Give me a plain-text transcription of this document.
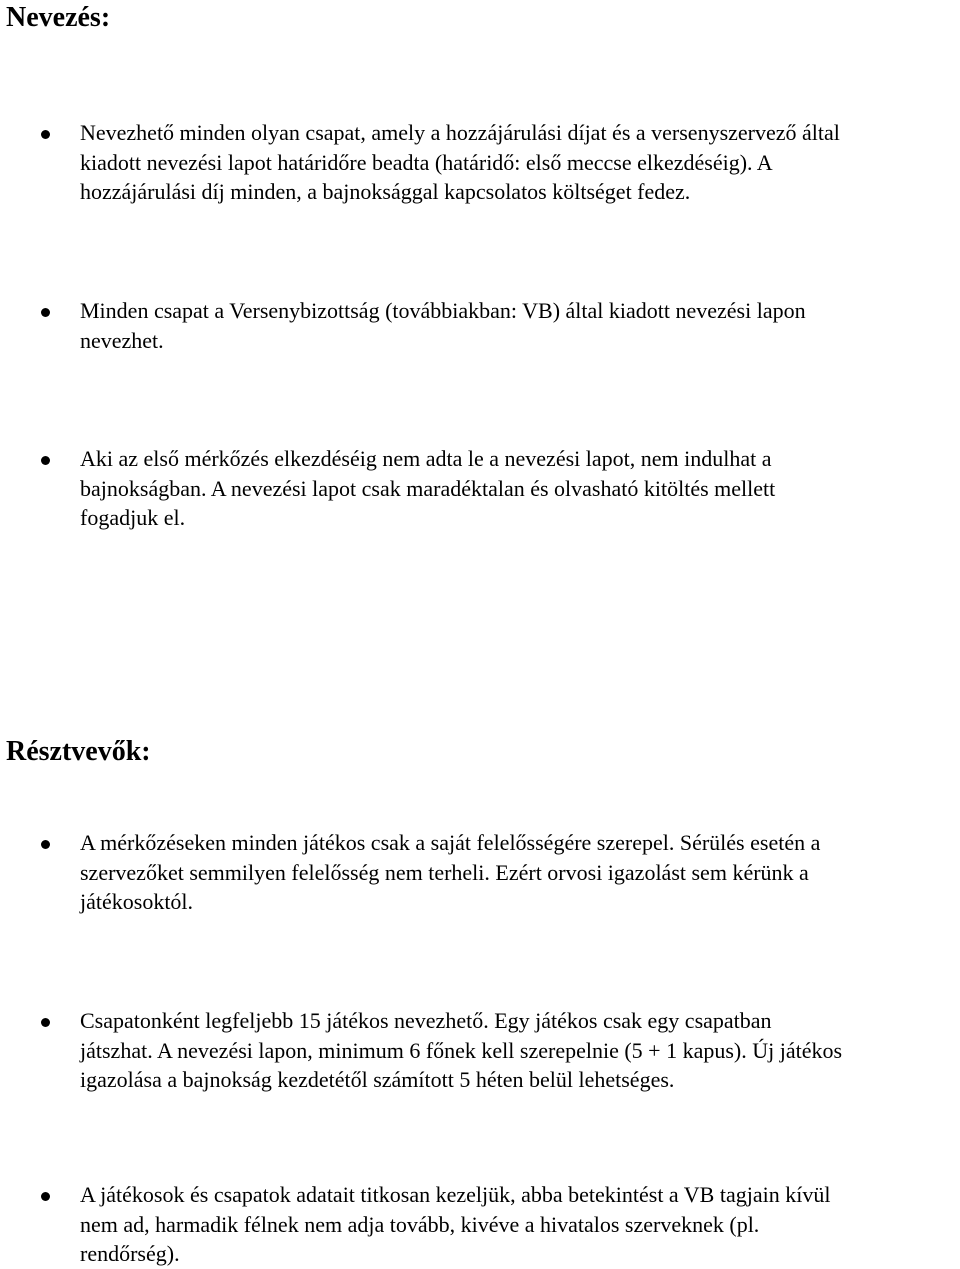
Nevezés:

Nevezhető minden olyan csapat, amely a hozzájárulási díjat és a versenyszervező által
kiadott nevezési lapot határidőre beadta (határidő: első meccse elkezdéséig). A
hozzájárulási díj minden, a bajnoksággal kapcsolatos költséget fedez.

Minden csapat a Versenybizottság (továbbiakban: VB) által kiadott nevezési lapon
nevezhet.

Aki az első mérkőzés elkezdéséig nem adta le a nevezési lapot, nem indulhat a
bajnokságban. A nevezési lapot csak maradéktalan és olvasható kitöltés mellett
fogadjuk el.

Résztvevők:

A mérkőzéseken minden játékos csak a saját felelősségére szerepel. Sérülés esetén a
szervezőket semmilyen felelősség nem terheli. Ezért orvosi igazolást sem kérünk a
játékosoktól.

Csapatonként legfeljebb 15 játékos nevezhető. Egy játékos csak egy csapatban
játszhat. A nevezési lapon, minimum 6 főnek kell szerepelnie (5 + 1 kapus). Új játékos
igazolása a bajnokság kezdetétől számított 5 héten belül lehetséges.

A játékosok és csapatok adatait titkosan kezeljük, abba betekintést a VB tagjain kívül
nem ad, harmadik félnek nem adja tovább, kivéve a hivatalos szerveknek (pl.
rendőrség).
